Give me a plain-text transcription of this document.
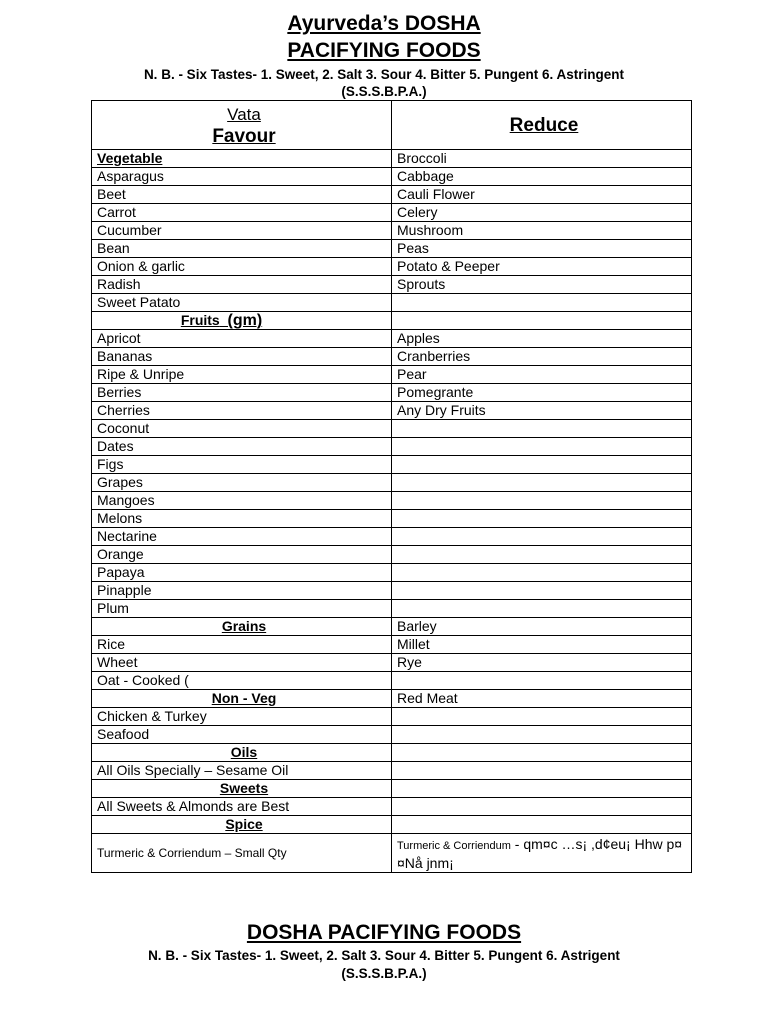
Ayurveda’s DOSHA
PACIFYING FOODS
N. B. - Six Tastes- 1. Sweet, 2. Salt 3. Sour 4. Bitter 5. Pungent 6. Astringent
(S.S.S.B.P.A.)
Vata
Favour	Reduce

Vegetable	Broccoli
Asparagus	Cabbage
Beet	Cauli Flower
Carrot	Celery
Cucumber	Mushroom
Bean	Peas
Onion & garlic	Potato & Peeper
Radish	Sprouts
Sweet Patato	
Fruits (gm)	
Apricot	Apples
Bananas	Cranberries
Ripe & Unripe	Pear
Berries	Pomegrante
Cherries	Any Dry Fruits
Coconut	
Dates	
Figs	
Grapes	
Mangoes	
Melons	
Nectarine	
Orange	
Papaya	
Pinapple	
Plum	
Grains	Barley
Rice	Millet
Wheet	Rye
Oat - Cooked (	
Non - Veg	Red Meat
Chicken & Turkey	
Seafood	
Oils	
All Oils Specially – Sesame Oil	
Sweets	
All Sweets & Almonds are Best	
Spice	

Turmeric & Corriendum – Small Qty	Turmeric & Corriendum - qm¤c …s¡ ,d¢eu¡ Hhw p¤¤Nå jnm¡
DOSHA PACIFYING FOODS
N. B. - Six Tastes- 1. Sweet, 2. Salt 3. Sour 4. Bitter 5. Pungent 6. Astrigent
(S.S.S.B.P.A.)
